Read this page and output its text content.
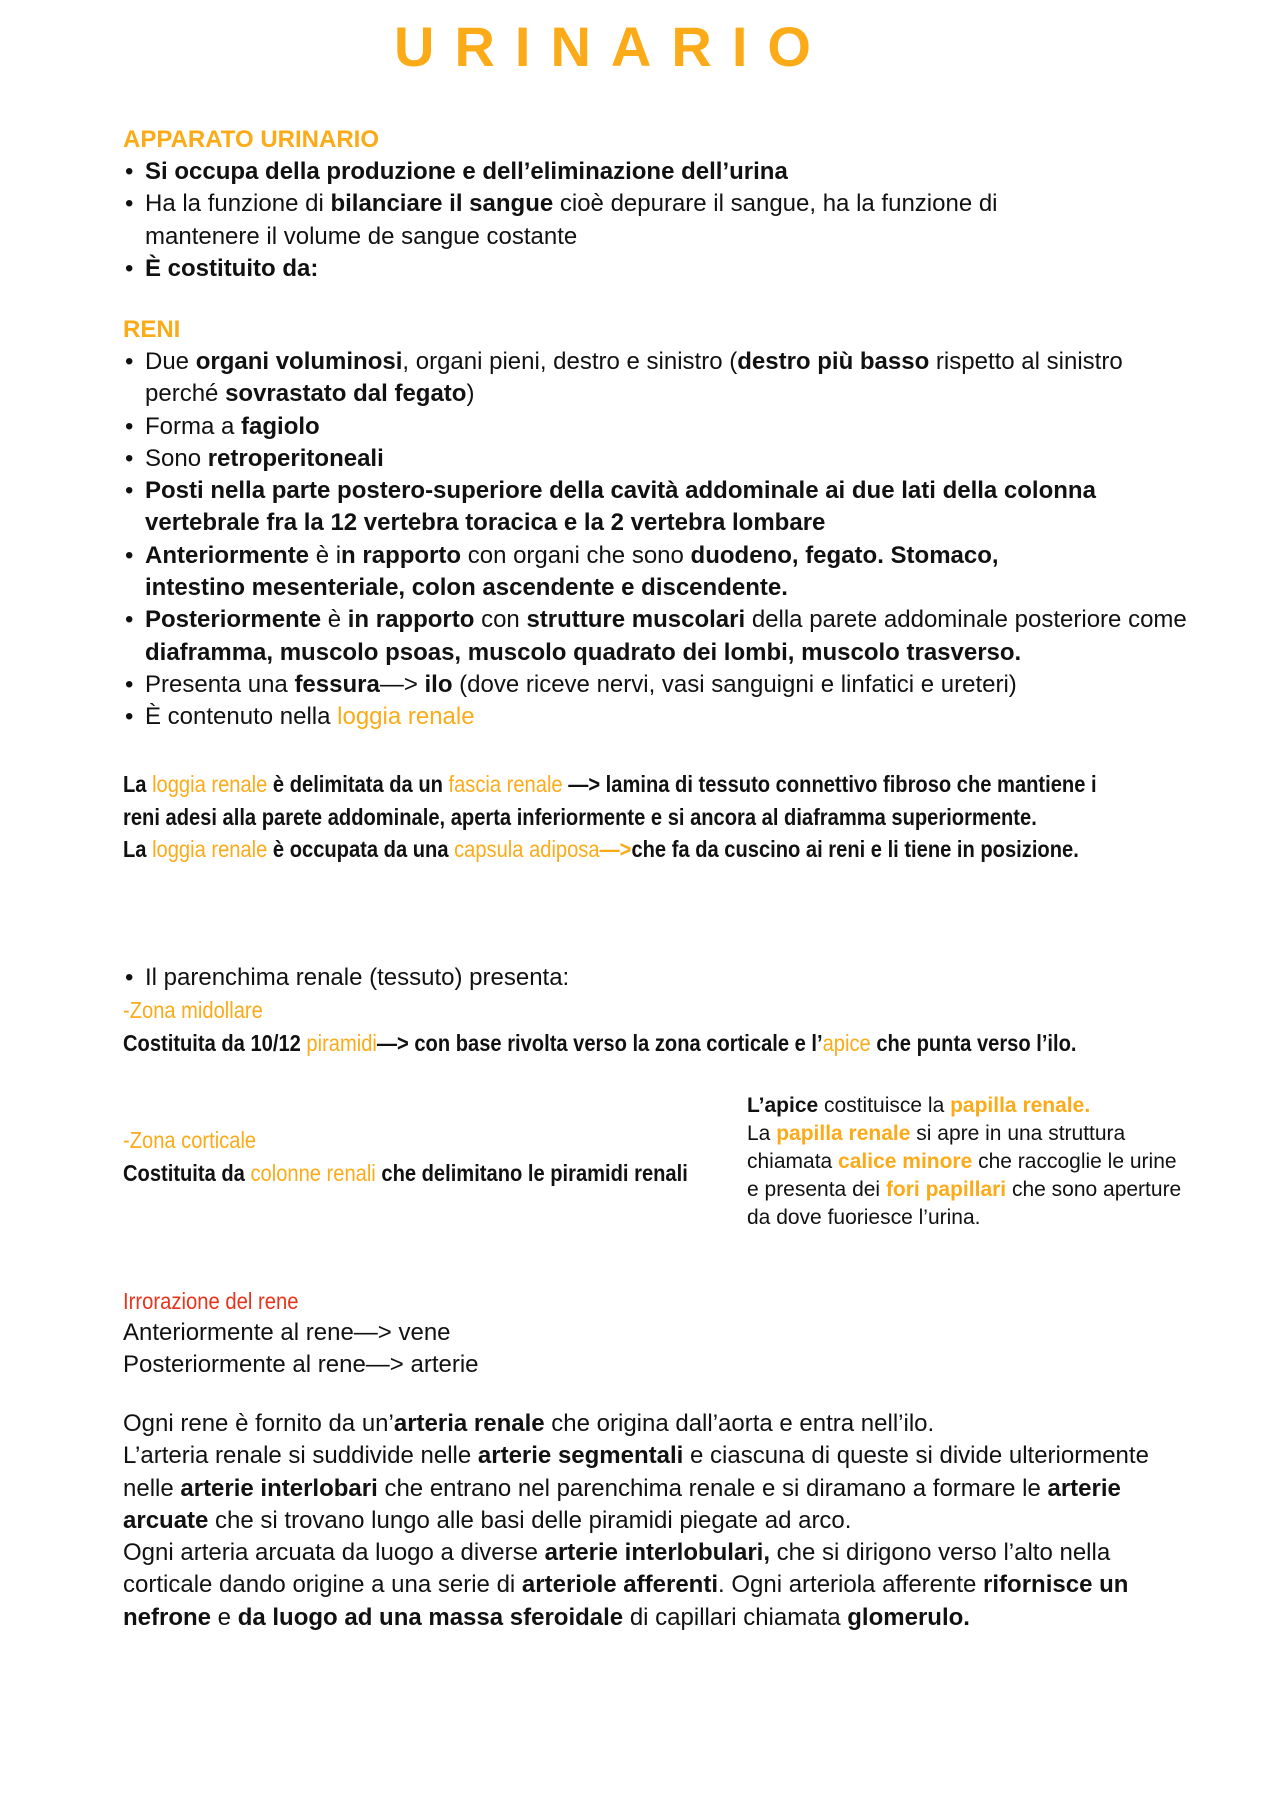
URINARIO

APPARATO URINARIO

• Si occupa della produzione e dell’eliminazione dell’urina
• Ha la funzione di bilanciare il sangue cioè depurare il sangue, ha la funzione di mantenere il volume de sangue costante
• È costituito da:

RENI

• Due organi voluminosi, organi pieni, destro e sinistro (destro più basso rispetto al sinistro perché sovrastato dal fegato)
• Forma a fagiolo
• Sono retroperitoneali
• Posti nella parte postero-superiore della cavità addominale ai due lati della colonna vertebrale fra la 12 vertebra toracica e la 2 vertebra lombare
• Anteriormente è in rapporto con organi che sono duodeno, fegato. Stomaco, intestino mesenteriale, colon ascendente e discendente.
• Posteriormente è in rapporto con strutture muscolari della parete addominale posteriore come diaframma, muscolo psoas, muscolo quadrato dei lombi, muscolo trasverso.
• Presenta una fessura—> ilo (dove riceve nervi, vasi sanguigni e linfatici e ureteri)
• È contenuto nella loggia renale
La loggia renale è delimitata da un fascia renale —> lamina di tessuto connettivo fibroso che mantiene i reni adesi alla parete addominale, aperta inferiormente e si ancora al diaframma superiormente.
La loggia renale è occupata da una capsula adiposa—>che fa da cuscino ai reni e li tiene in posizione.
• Il parenchima renale (tessuto) presenta:
-Zona midollare
Costituita da 10/12 piramidi—> con base rivolta verso la zona corticale e l’apice che punta verso l’ilo.
-Zona corticale
Costituita da colonne renali che delimitano le piramidi renali
L’apice costituisce la papilla renale.
La papilla renale si apre in una struttura chiamata calice minore che raccoglie le urine e presenta dei fori papillari che sono aperture da dove fuoriesce l’urina.
Irrorazione del rene

Anteriormente al rene—> vene

Posteriormente al rene—> arterie

Ogni rene è fornito da un’arteria renale che origina dall’aorta e entra nell’ilo.

L’arteria renale si suddivide nelle arterie segmentali e ciascuna di queste si divide ulteriormente nelle arterie interlobari che entrano nel parenchima renale e si diramano a formare le arterie arcuate che si trovano lungo alle basi delle piramidi piegate ad arco.

Ogni arteria arcuata da luogo a diverse arterie interlobulari, che si dirigono verso l’alto nella corticale dando origine a una serie di arteriole afferenti. Ogni arteriola afferente rifornisce un nefrone e da luogo ad una massa sferoidale di capillari chiamata glomerulo.
